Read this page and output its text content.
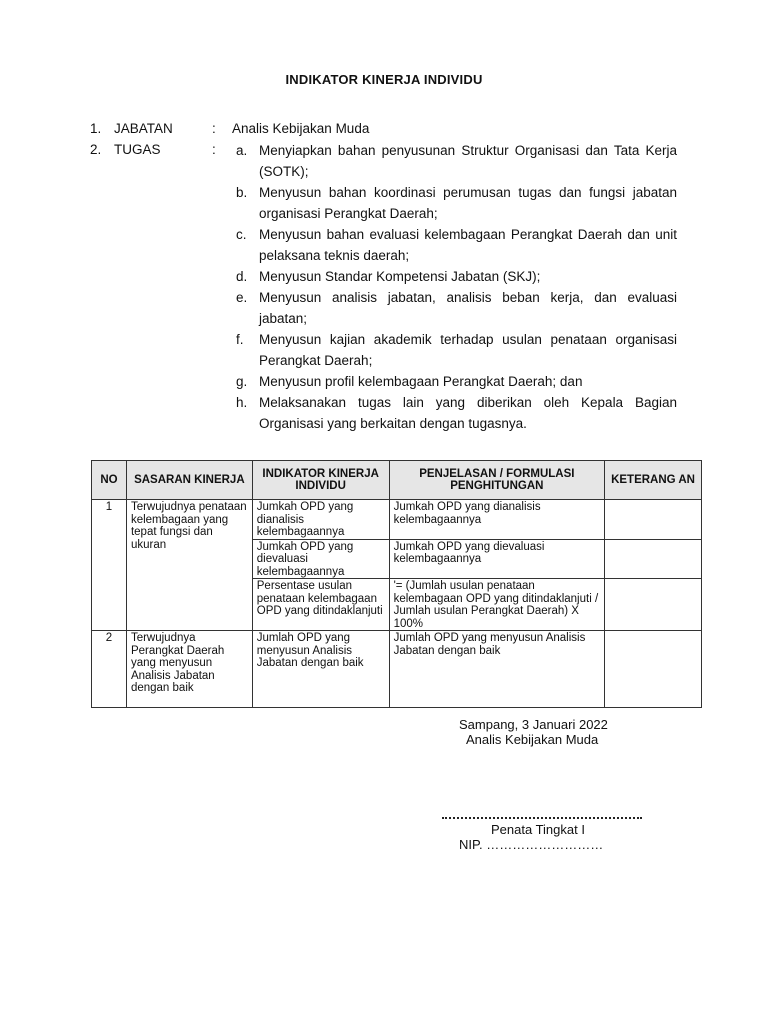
INDIKATOR KINERJA INDIVIDU
1. JABATAN	: Analis Kebijakan Muda
2. TUGAS	: a. Menyiapkan bahan penyusunan Struktur Organisasi dan Tata Kerja (SOTK);
b. Menyusun bahan koordinasi perumusan tugas dan fungsi jabatan organisasi Perangkat Daerah;
c. Menyusun bahan evaluasi kelembagaan Perangkat Daerah dan unit pelaksana teknis daerah;
d. Menyusun Standar Kompetensi Jabatan (SKJ);
e. Menyusun analisis jabatan, analisis beban kerja, dan evaluasi jabatan;
f. Menyusun kajian akademik terhadap usulan penataan organisasi Perangkat Daerah;
g. Menyusun profil kelembagaan Perangkat Daerah; dan
h. Melaksanakan tugas lain yang diberikan oleh Kepala Bagian Organisasi yang berkaitan dengan tugasnya.
NO	SASARAN KINERJA	INDIKATOR KINERJA INDIVIDU	PENJELASAN / FORMULASI PENGHITUNGAN	KETERANG AN
1	Terwujudnya penataan kelembagaan yang tepat fungsi dan ukuran	Jumkah OPD yang dianalisis kelembagaannya	Jumkah OPD yang dianalisis kelembagaannya	
		Jumkah OPD yang dievaluasi kelembagaannya	Jumkah OPD yang dievaluasi kelembagaannya	
		Persentase usulan penataan kelembagaan OPD yang ditindaklanjuti	'= (Jumlah usulan penataan kelembagaan OPD yang ditindaklanjuti / Jumlah usulan Perangkat Daerah) X 100%	
2	Terwujudnya Perangkat Daerah yang menyusun Analisis Jabatan dengan baik	Jumlah OPD yang menyusun Analisis Jabatan dengan baik	Jumlah OPD yang menyusun Analisis Jabatan dengan baik	
Sampang, 3 Januari 2022
Analis Kebijakan Muda
Penata Tingkat I
NIP. ………………………
